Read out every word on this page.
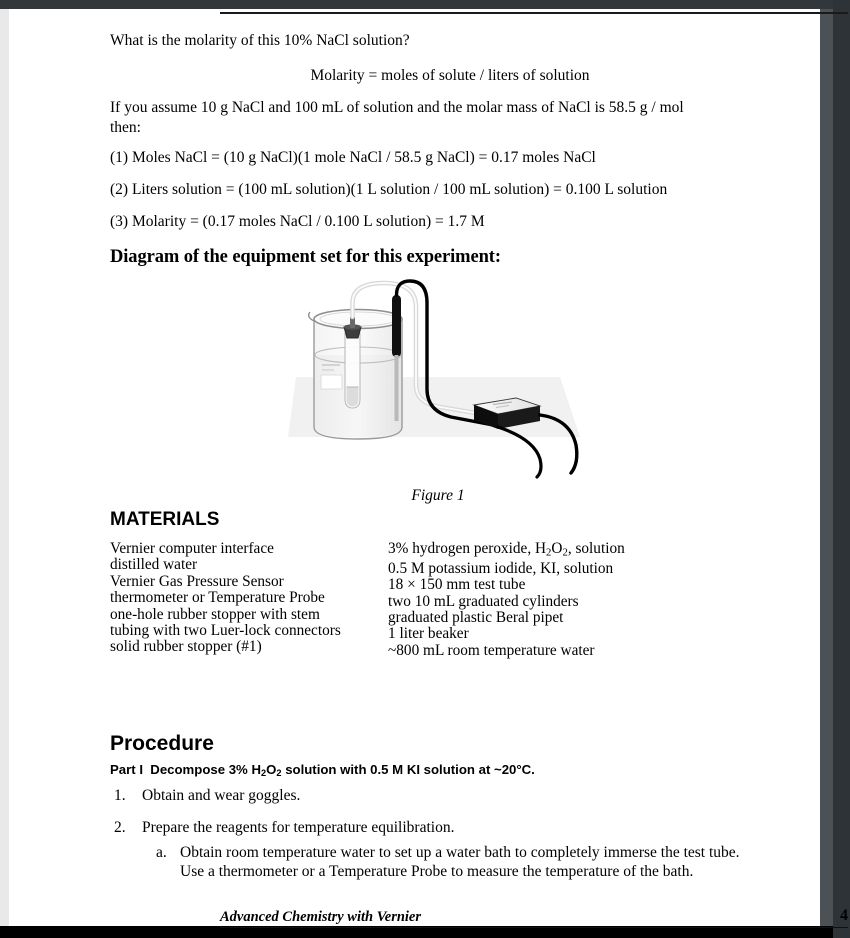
What is the molarity of this 10% NaCl solution?

Molarity = moles of solute / liters of solution

If you assume 10 g NaCl and 100 mL of solution and the molar mass of NaCl is 58.5 g / mol then:

(1) Moles NaCl = (10 g NaCl)(1 mole NaCl / 58.5 g NaCl) = 0.17 moles NaCl

(2) Liters solution = (100 mL solution)(1 L solution / 100 mL solution) = 0.100 L solution

(3) Molarity = (0.17 moles NaCl / 0.100 L solution) = 1.7 M

Diagram of the equipment set for this experiment:
Figure 1
MATERIALS
Vernier computer interface
distilled water
Vernier Gas Pressure Sensor
thermometer or Temperature Probe
one-hole rubber stopper with stem
tubing with two Luer-lock connectors
solid rubber stopper (#1)
3% hydrogen peroxide, $H_2O_2$, solution
0.5 M potassium iodide, KI, solution
18 × 150 mm test tube
two 10 mL graduated cylinders
graduated plastic Beral pipet
1 liter beaker
~800 mL room temperature water
Procedure
Part I  Decompose 3% $H_2O_2$ solution with 0.5 M KI solution at ~20°C.
1.	Obtain and wear goggles.
2.	Prepare the reagents for temperature equilibration.
a. Obtain room temperature water to set up a water bath to completely immerse the test tube. Use a thermometer or a Temperature Probe to measure the temperature of the bath.
Advanced Chemistry with Vernier	4
